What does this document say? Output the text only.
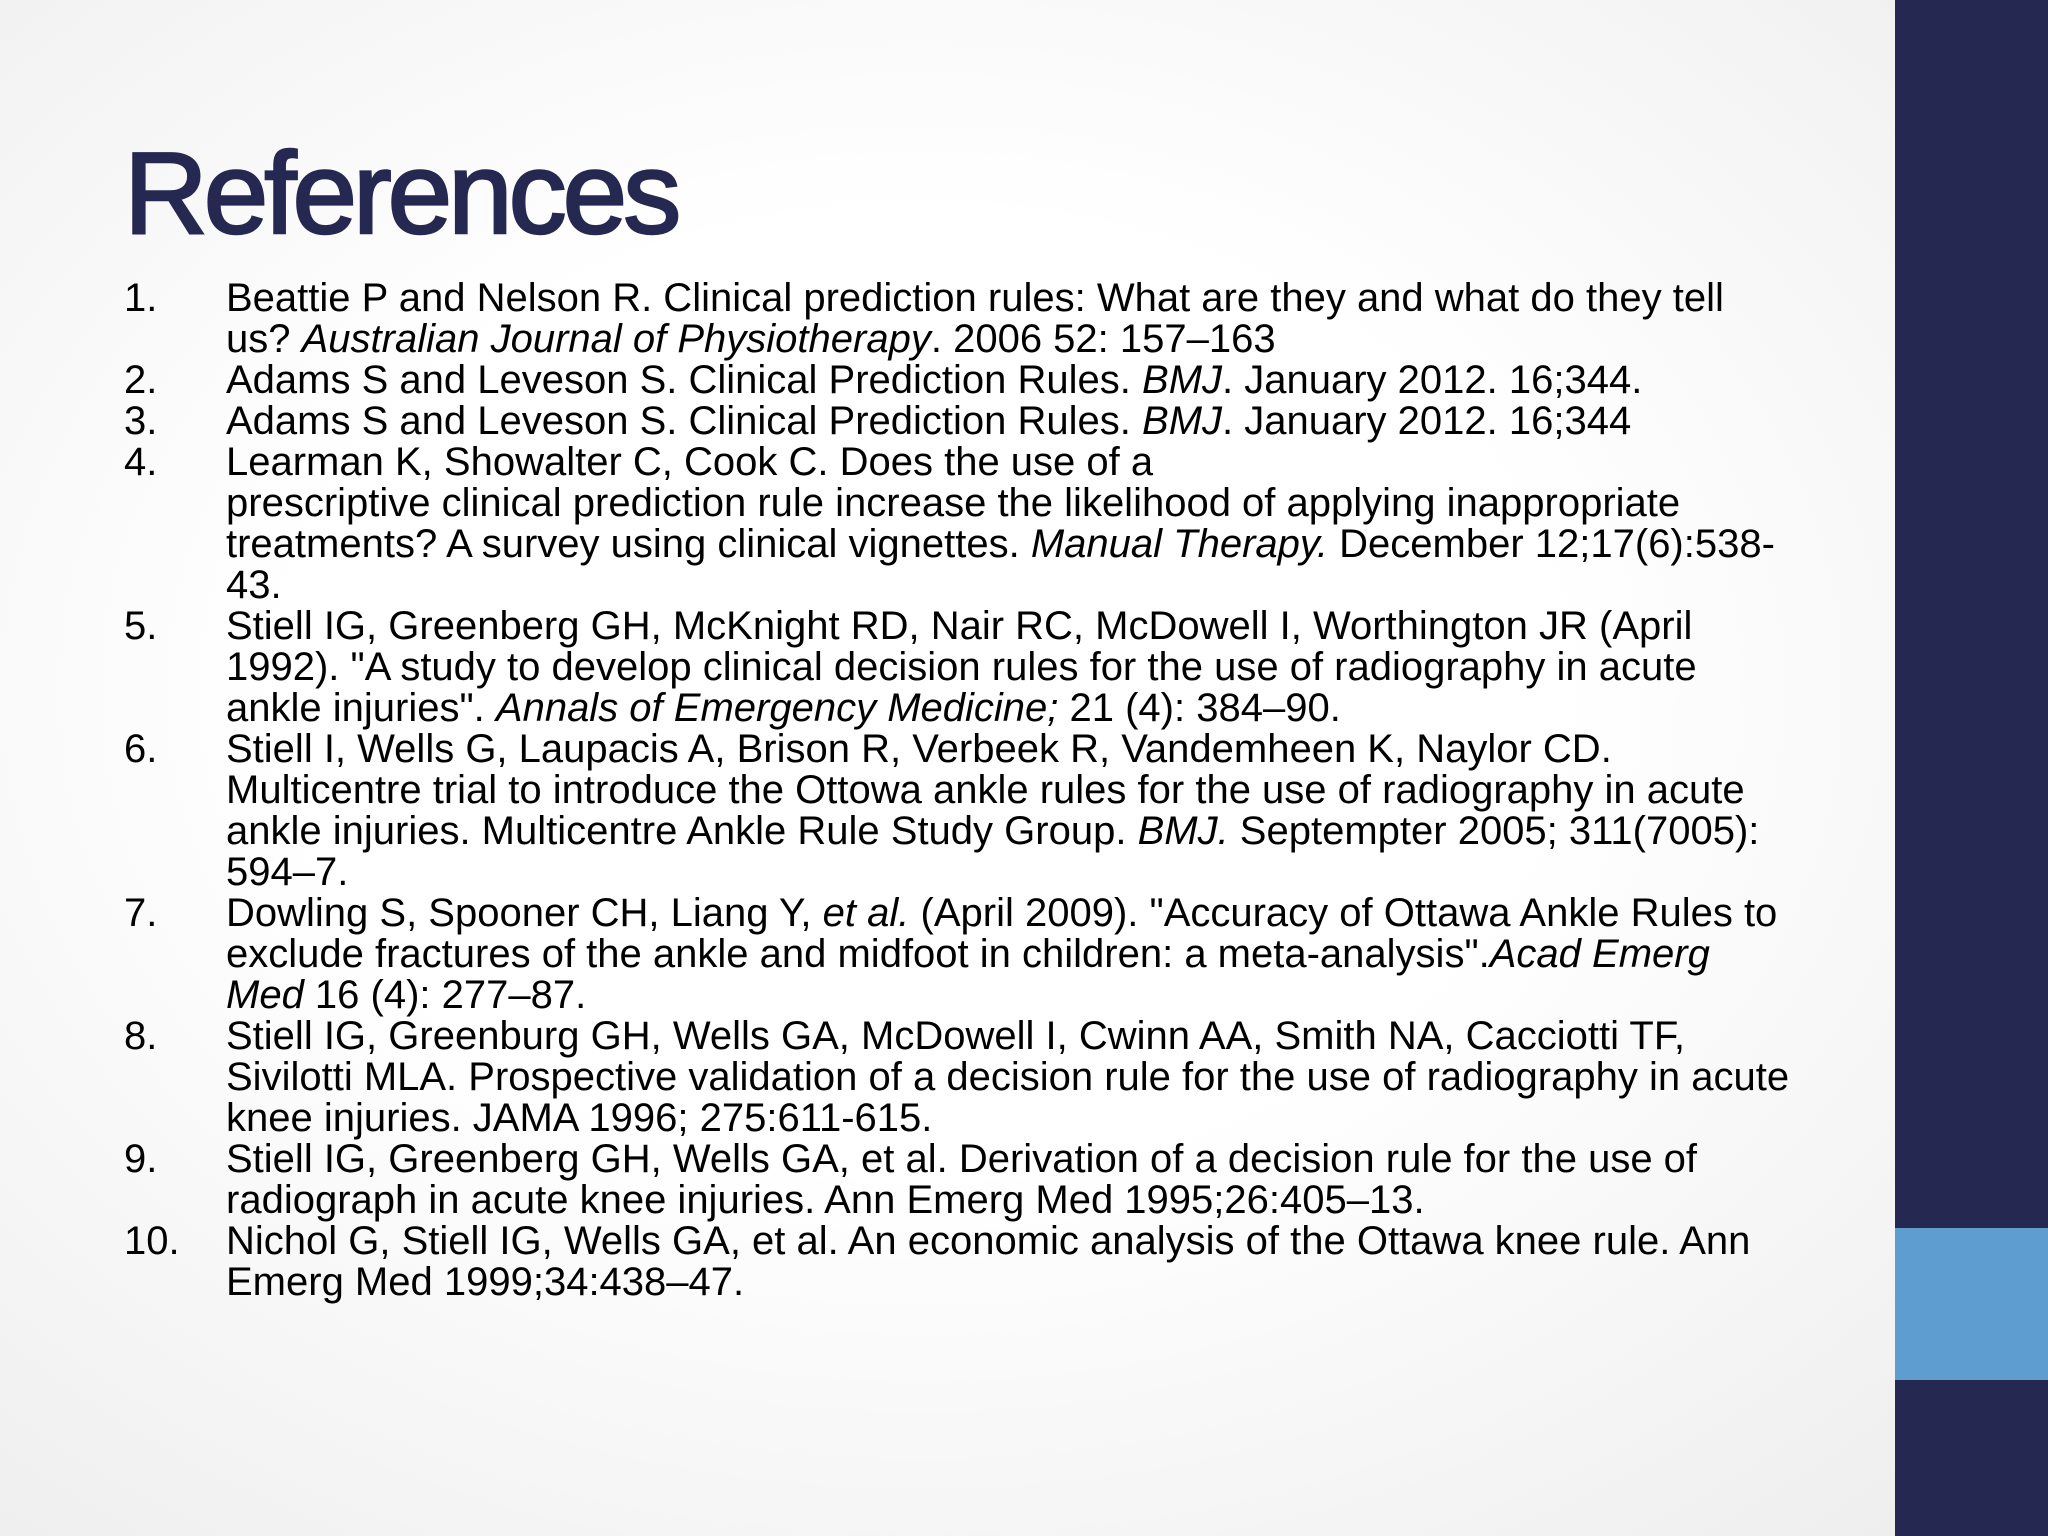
References
1.	Beattie P and Nelson R. Clinical prediction rules: What are they and what do they tell us? Australian Journal of Physiotherapy. 2006 52: 157–163
2.	Adams S and Leveson S. Clinical Prediction Rules. BMJ. January 2012. 16;344.
3.	Adams S and Leveson S. Clinical Prediction Rules. BMJ. January 2012. 16;344
4.	Learman K, Showalter C, Cook C. Does the use of a
prescriptive clinical prediction rule increase the likelihood of applying inappropriate treatments? A survey using clinical vignettes. Manual Therapy. December 12;17(6):538-43.
5.	Stiell IG, Greenberg GH, McKnight RD, Nair RC, McDowell I, Worthington JR (April 1992). "A study to develop clinical decision rules for the use of radiography in acute ankle injuries". Annals of Emergency Medicine; 21 (4): 384–90.
6.	Stiell I, Wells G, Laupacis A, Brison R, Verbeek R, Vandemheen K, Naylor CD. Multicentre trial to introduce the Ottowa ankle rules for the use of radiography in acute ankle injuries. Multicentre Ankle Rule Study Group. BMJ. Septempter 2005; 311(7005): 594–7.
7.	Dowling S, Spooner CH, Liang Y, et al. (April 2009). "Accuracy of Ottawa Ankle Rules to exclude fractures of the ankle and midfoot in children: a meta-analysis".Acad Emerg Med 16 (4): 277–87.
8.	Stiell IG, Greenburg GH, Wells GA, McDowell I, Cwinn AA, Smith NA, Cacciotti TF, Sivilotti MLA. Prospective validation of a decision rule for the use of radiography in acute knee injuries. JAMA 1996; 275:611-615.
9.	Stiell IG, Greenberg GH, Wells GA, et al. Derivation of a decision rule for the use of radiograph in acute knee injuries. Ann Emerg Med 1995;26:405–13.
10.	Nichol G, Stiell IG, Wells GA, et al. An economic analysis of the Ottawa knee rule. Ann Emerg Med 1999;34:438–47.
